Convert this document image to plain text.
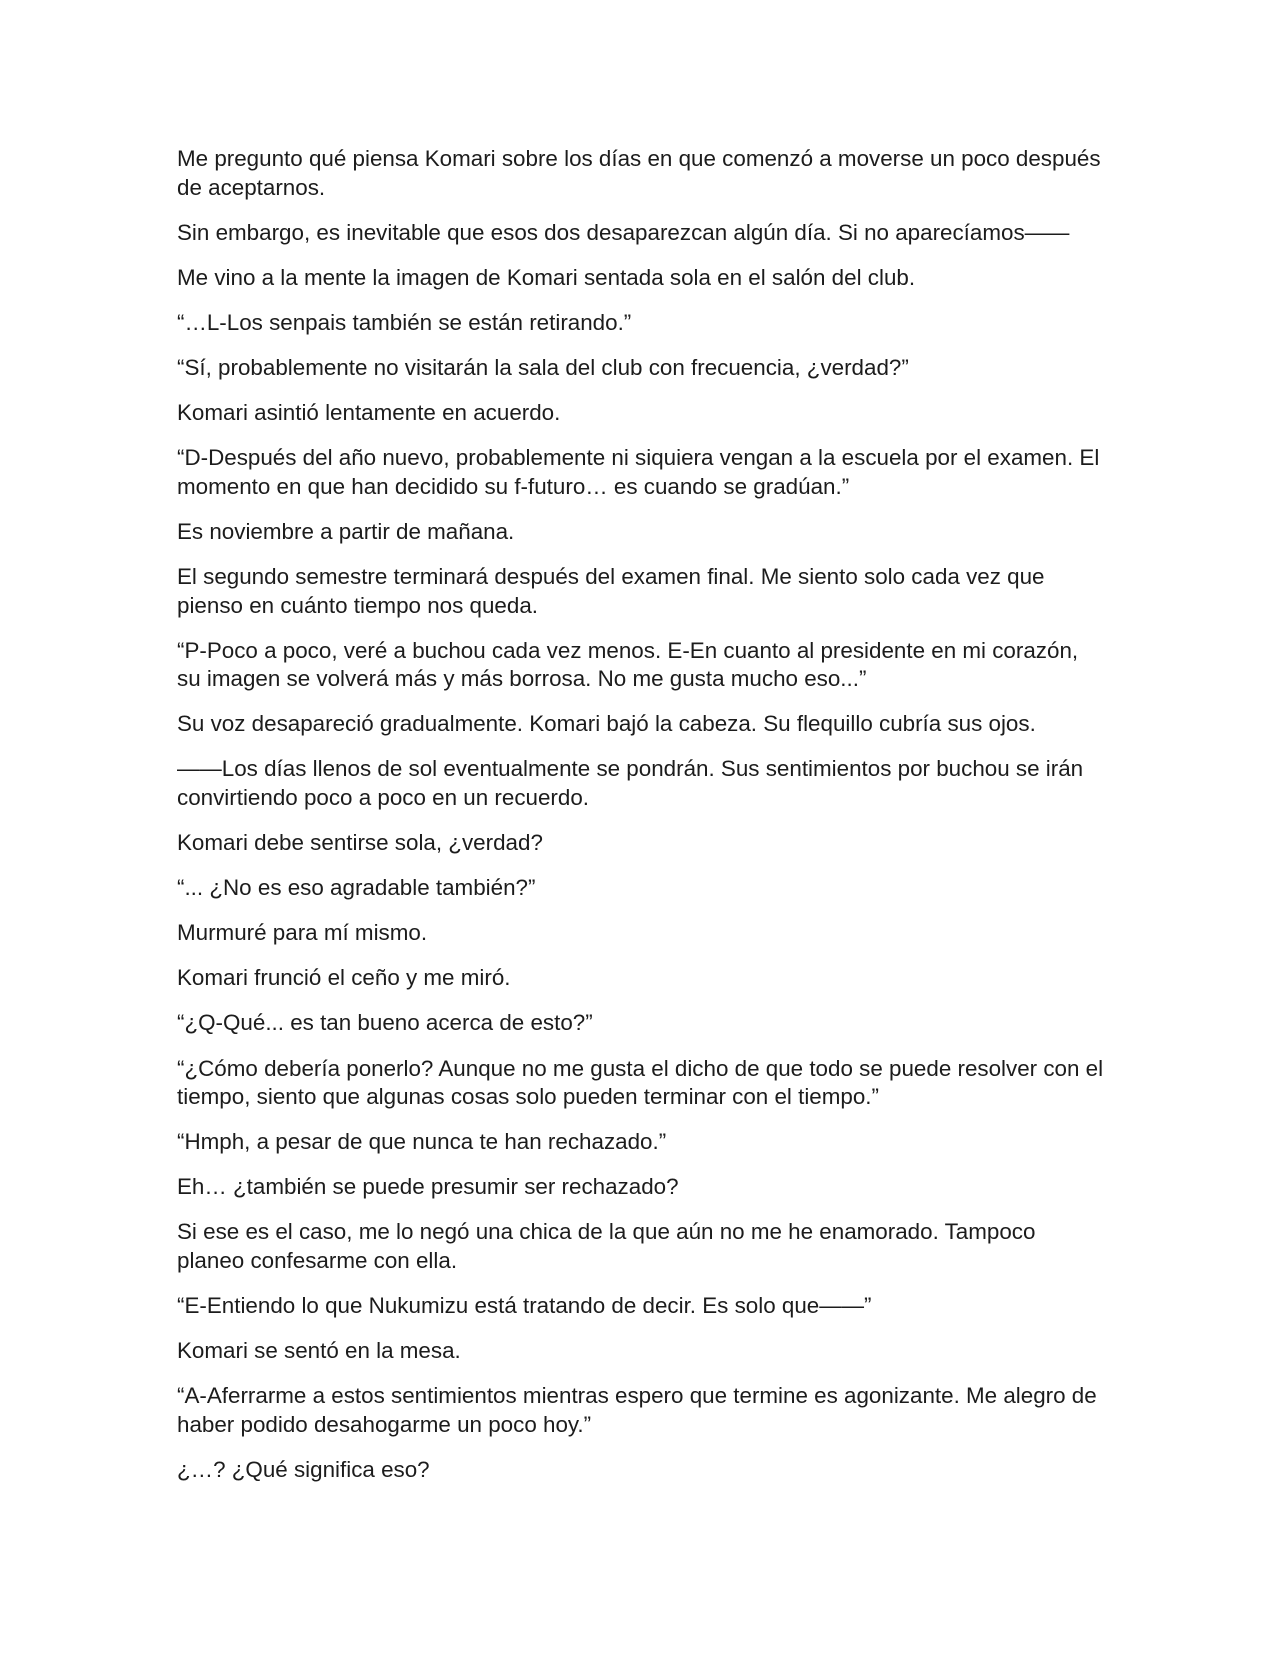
Me pregunto qué piensa Komari sobre los días en que comenzó a moverse un poco después de aceptarnos.

Sin embargo, es inevitable que esos dos desaparezcan algún día. Si no aparecíamos——

Me vino a la mente la imagen de Komari sentada sola en el salón del club.

“…L-Los senpais también se están retirando.”

“Sí, probablemente no visitarán la sala del club con frecuencia, ¿verdad?”

Komari asintió lentamente en acuerdo.

“D-Después del año nuevo, probablemente ni siquiera vengan a la escuela por el examen. El momento en que han decidido su f-futuro… es cuando se gradúan.”

Es noviembre a partir de mañana.

El segundo semestre terminará después del examen final. Me siento solo cada vez que pienso en cuánto tiempo nos queda.

“P-Poco a poco, veré a buchou cada vez menos. E-En cuanto al presidente en mi corazón, su imagen se volverá más y más borrosa. No me gusta mucho eso...”

Su voz desapareció gradualmente. Komari bajó la cabeza. Su flequillo cubría sus ojos.

——Los días llenos de sol eventualmente se pondrán. Sus sentimientos por buchou se irán convirtiendo poco a poco en un recuerdo.

Komari debe sentirse sola, ¿verdad?

“... ¿No es eso agradable también?”

Murmuré para mí mismo.

Komari frunció el ceño y me miró.

“¿Q-Qué... es tan bueno acerca de esto?”

“¿Cómo debería ponerlo? Aunque no me gusta el dicho de que todo se puede resolver con el tiempo, siento que algunas cosas solo pueden terminar con el tiempo.”

“Hmph, a pesar de que nunca te han rechazado.”

Eh… ¿también se puede presumir ser rechazado?

Si ese es el caso, me lo negó una chica de la que aún no me he enamorado. Tampoco planeo confesarme con ella.

“E-Entiendo lo que Nukumizu está tratando de decir. Es solo que——”

Komari se sentó en la mesa.

“A-Aferrarme a estos sentimientos mientras espero que termine es agonizante. Me alegro de haber podido desahogarme un poco hoy.”

¿…? ¿Qué significa eso?
